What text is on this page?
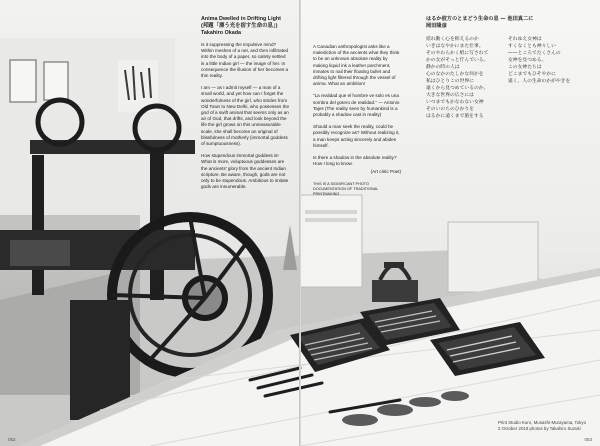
Anima Dwelled in Drifting Light
(邦題「漂う光を宿す生命の息」)
Takahiro Okada

Is it suppressing the impulsive mind? Within meshes of a net, and then infiltrated into the body of a paper, so calmly settled is a little Indian girl — the image of her. In consequence the illusion of her becomes a thin reality.

I am — as I admit myself — a man of a small world, and yet how can I forget the wonderfulness of the girl, who strides from Old Town to New Delhi, who possesses the god of a swift animal that seems only as an air of God, that drifts, and look beyond the life the girl grows on this unmeasurable scale, she shall become an original of blissfulness of motherly (immortal goddess of sumptuousness).

How stupendous immortal goddess is! What is more, voluptuous goddesses are the ancients' glory from the ancient Indian scripture. Be aware, though, gods are not only to be stupendous. Ambitious to imitate gods are innumerable.

A Canadian anthropologist asks like a malediction of the ancients what they think to be an unknown absolute reality by making liquid ink a leather parchment, inmates to nail their floating bullet and drifting light filtered through the vessel of anima. What an ambition!

"La realidad que el hombre ve solo es una sombra del gotero de realidad." — Antonio Tajes (The reality seen by humankind is a probably a shadow cast in reality)

Should a man seek the reality, could he possibly recognize as? Without realizing it, a man keeps acting sincerely and abides himself.

Is there a shadow in the absolute reality? How I long to know.

(Art critic Poet)

THIS IS A SIGNIFICANT PHOTO DOCUMENTATION OF TRADITIONAL PRINTMAKING

はるか彼方のとまどう生命の息 — 池田真二に

岡田隆彦

揺れ動く心を抑えるのか

いきはなやかにまた仕事。

そのやわらかく紙に写されて

かの女がそっと佇んでいる。

静かの時の人は

心のなかのたしかな何かを

私はひとりこの世界に

遠くから見つめているのか。

大きな世界の広さには

いつまでもかなわない女神

そのいのちのひかりを

はるかに遠くまで旅をする

それゆえ女神は

すくなくとも神々しい

——ところでたくさんの

女神を見つめる。

この女神たちは

どこまでもひそやかに

遠く、人の生命のかがやきを

Print Studio Kuro, Musashi-Murayama, Tokyo
2 October 2019 photos by Takahiro Suzuki
052	053
